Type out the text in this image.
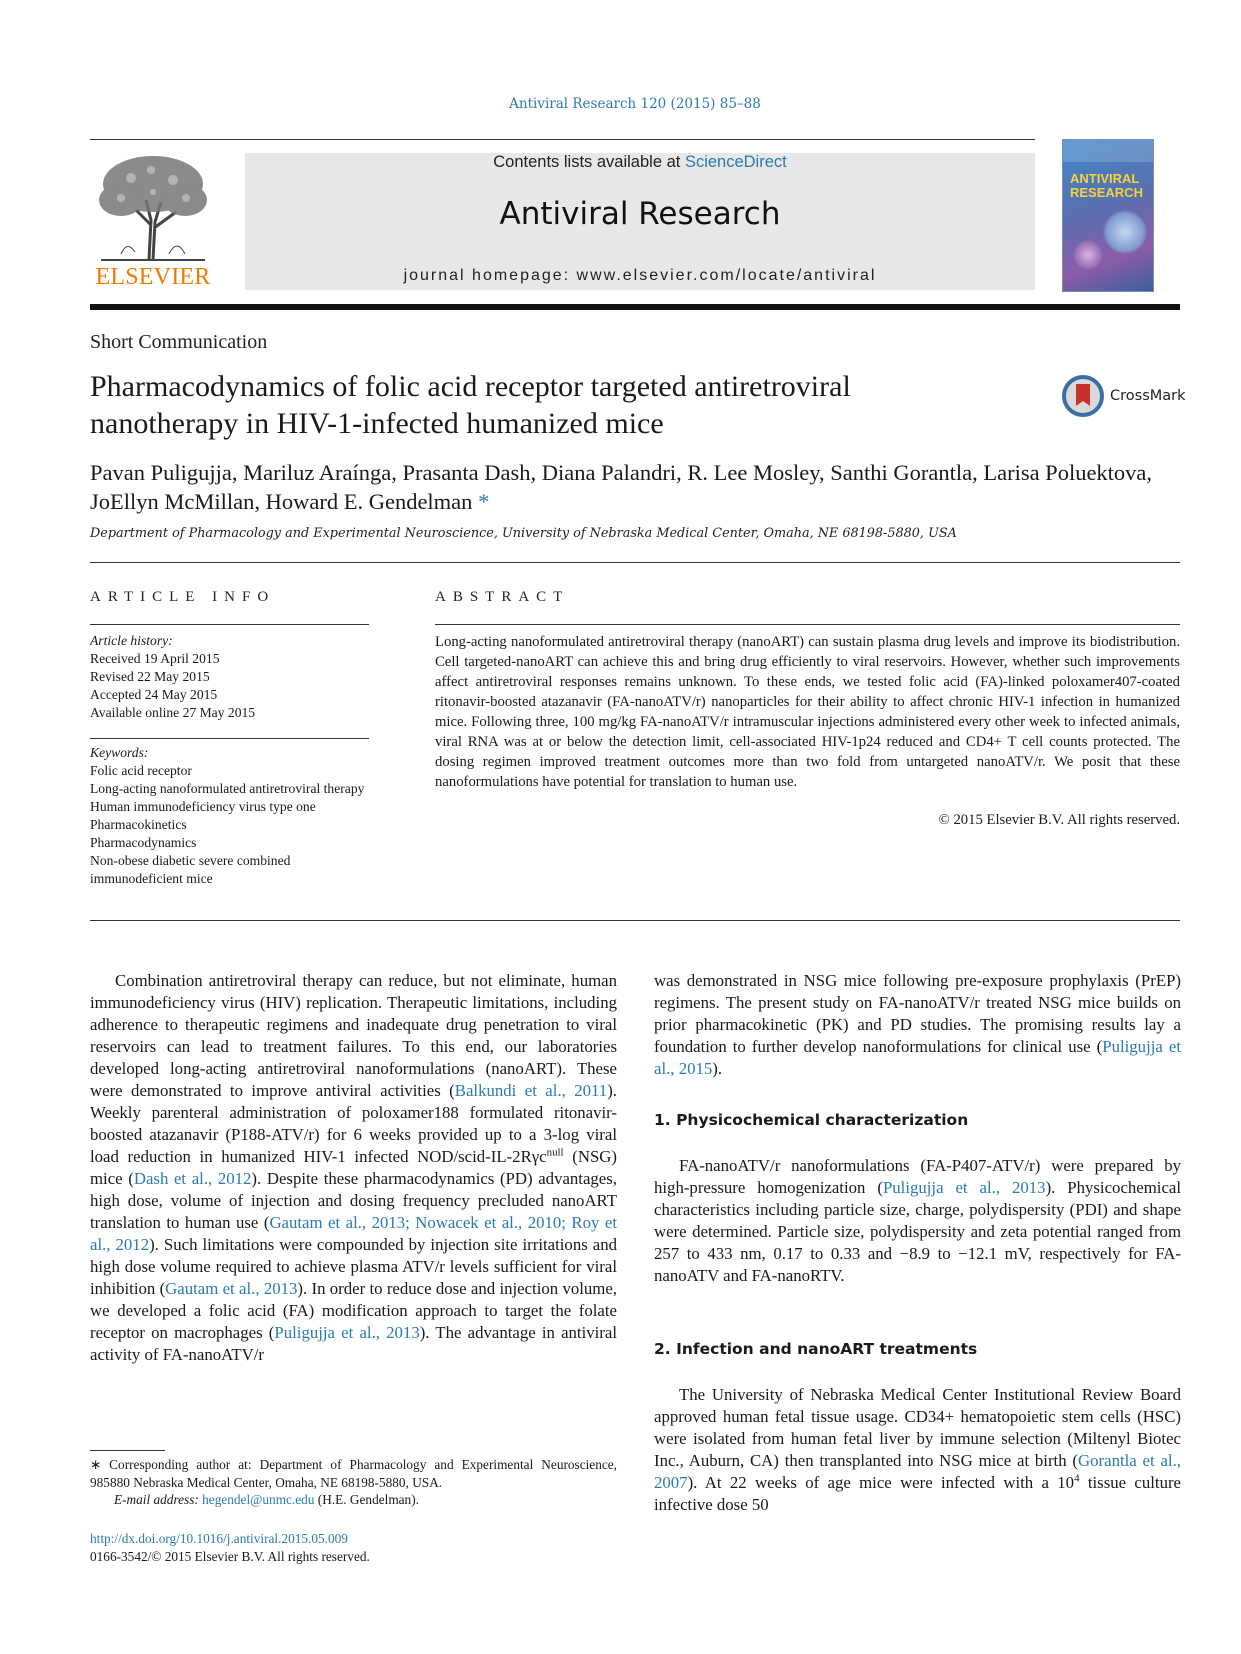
Antiviral Research 120 (2015) 85–88
ELSEVIER
Contents lists available at ScienceDirect
Antiviral Research
journal homepage: www.elsevier.com/locate/antiviral
ANTIVIRAL RESEARCH
Short Communication
Pharmacodynamics of folic acid receptor targeted antiretroviral nanotherapy in HIV-1-infected humanized mice
CrossMark
Pavan Puligujja, Mariluz Araínga, Prasanta Dash, Diana Palandri, R. Lee Mosley, Santhi Gorantla, Larisa Poluektova, JoEllyn McMillan, Howard E. Gendelman *
Department of Pharmacology and Experimental Neuroscience, University of Nebraska Medical Center, Omaha, NE 68198-5880, USA
ARTICLE INFO	ABSTRACT
Article history:
Received 19 April 2015
Revised 22 May 2015
Accepted 24 May 2015
Available online 27 May 2015
Keywords:
Folic acid receptor
Long-acting nanoformulated antiretroviral therapy
Human immunodeficiency virus type one
Pharmacokinetics
Pharmacodynamics
Non-obese diabetic severe combined immunodeficient mice
Long-acting nanoformulated antiretroviral therapy (nanoART) can sustain plasma drug levels and improve its biodistribution. Cell targeted-nanoART can achieve this and bring drug efficiently to viral reservoirs. However, whether such improvements affect antiretroviral responses remains unknown. To these ends, we tested folic acid (FA)-linked poloxamer407-coated ritonavir-boosted atazanavir (FA-nanoATV/r) nanoparticles for their ability to affect chronic HIV-1 infection in humanized mice. Following three, 100 mg/kg FA-nanoATV/r intramuscular injections administered every other week to infected animals, viral RNA was at or below the detection limit, cell-associated HIV-1p24 reduced and CD4+ T cell counts protected. The dosing regimen improved treatment outcomes more than two fold from untargeted nanoATV/r. We posit that these nanoformulations have potential for translation to human use.
© 2015 Elsevier B.V. All rights reserved.

Combination antiretroviral therapy can reduce, but not eliminate, human immunodeficiency virus (HIV) replication. Therapeutic limitations, including adherence to therapeutic regimens and inadequate drug penetration to viral reservoirs can lead to treatment failures. To this end, our laboratories developed long-acting antiretroviral nanoformulations (nanoART). These were demonstrated to improve antiviral activities (Balkundi et al., 2011). Weekly parenteral administration of poloxamer188 formulated ritonavir-boosted atazanavir (P188-ATV/r) for 6 weeks provided up to a 3-log viral load reduction in humanized HIV-1 infected NOD/scid-IL-2Rγc$^{null}$ (NSG) mice (Dash et al., 2012). Despite these pharmacodynamics (PD) advantages, high dose, volume of injection and dosing frequency precluded nanoART translation to human use (Gautam et al., 2013; Nowacek et al., 2010; Roy et al., 2012). Such limitations were compounded by injection site irritations and high dose volume required to achieve plasma ATV/r levels sufficient for viral inhibition (Gautam et al., 2013). In order to reduce dose and injection volume, we developed a folic acid (FA) modification approach to target the folate receptor on macrophages (Puligujja et al., 2013). The advantage in antiviral activity of FA-nanoATV/r

was demonstrated in NSG mice following pre-exposure prophylaxis (PrEP) regimens. The present study on FA-nanoATV/r treated NSG mice builds on prior pharmacokinetic (PK) and PD studies. The promising results lay a foundation to further develop nanoformulations for clinical use (Puligujja et al., 2015).

1. Physicochemical characterization

FA-nanoATV/r nanoformulations (FA-P407-ATV/r) were prepared by high-pressure homogenization (Puligujja et al., 2013). Physicochemical characteristics including particle size, charge, polydispersity (PDI) and shape were determined. Particle size, polydispersity and zeta potential ranged from 257 to 433 nm, 0.17 to 0.33 and −8.9 to −12.1 mV, respectively for FA-nanoATV and FA-nanoRTV.

2. Infection and nanoART treatments

The University of Nebraska Medical Center Institutional Review Board approved human fetal tissue usage. CD34+ hematopoietic stem cells (HSC) were isolated from human fetal liver by immune selection (Miltenyl Biotec Inc., Auburn, CA) then transplanted into NSG mice at birth (Gorantla et al., 2007). At 22 weeks of age mice were infected with a $10^4$ tissue culture infective dose 50

∗ Corresponding author at: Department of Pharmacology and Experimental Neuroscience, 985880 Nebraska Medical Center, Omaha, NE 68198-5880, USA.
E-mail address: hegendel@unmc.edu (H.E. Gendelman).
http://dx.doi.org/10.1016/j.antiviral.2015.05.009
0166-3542/© 2015 Elsevier B.V. All rights reserved.
